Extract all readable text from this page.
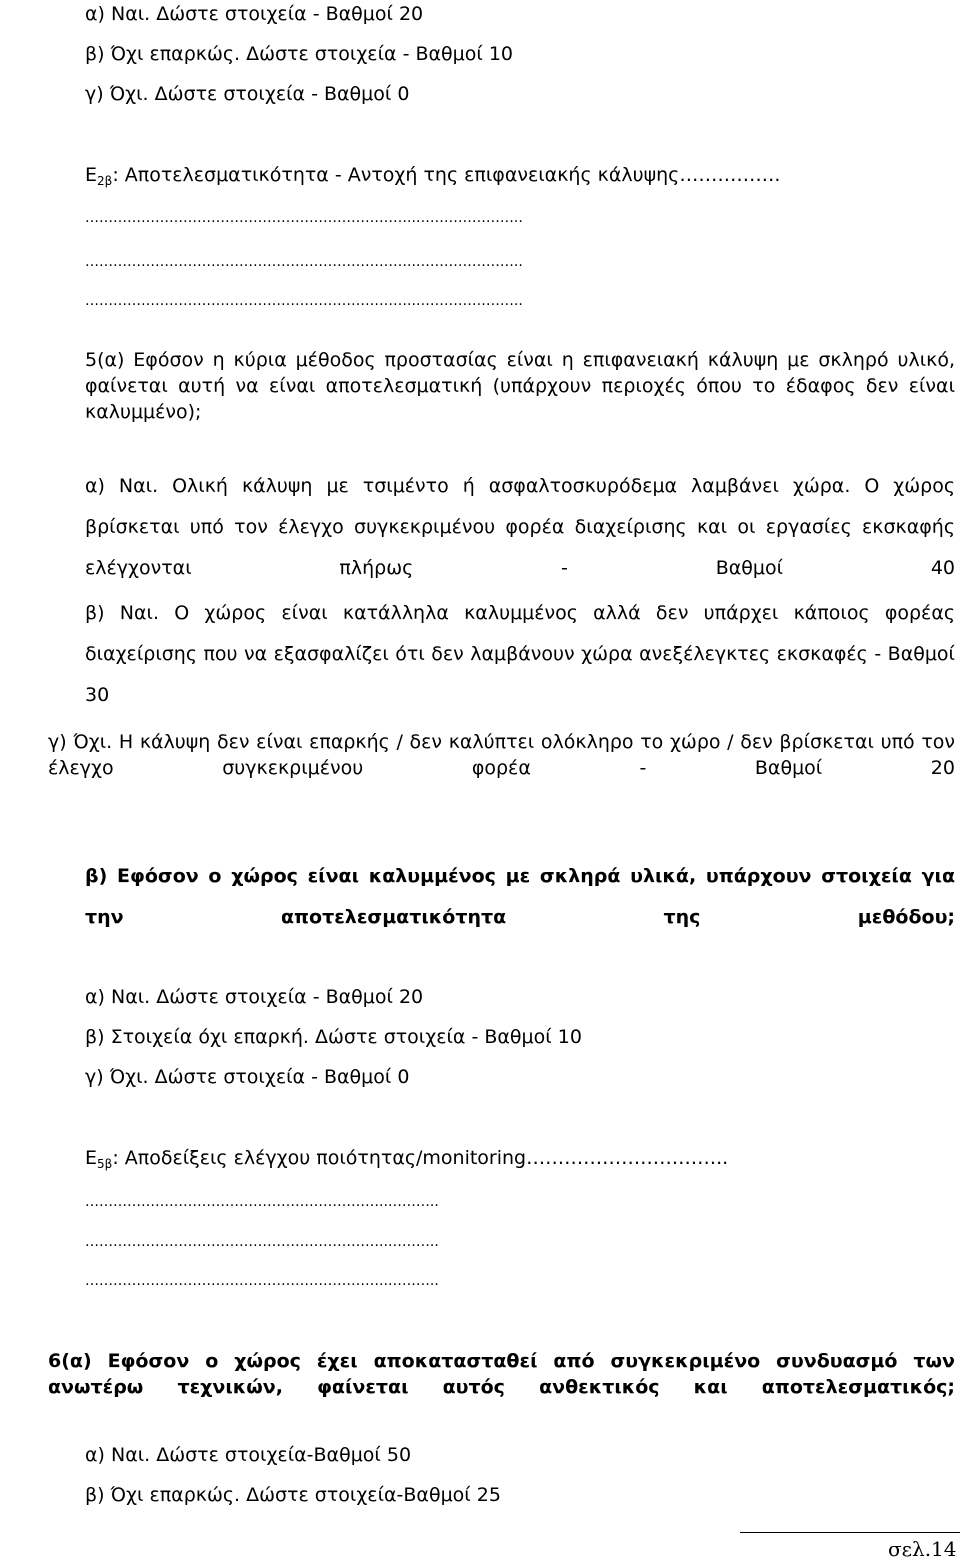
α) Ναι. Δώστε στοιχεία - Βαθμοί 20
β) Όχι επαρκώς. Δώστε στοιχεία - Βαθμοί 10
γ) Όχι. Δώστε στοιχεία - Βαθμοί 0
$E_{2\beta}$: Αποτελεσματικότητα - Αντοχή της επιφανειακής κάλυψης…………….
……………………………………………………………..…………………..
……………………………………………………………..…………………..
……………………………………………………………..…………………..
5(α) Εφόσον η κύρια μέθοδος προστασίας είναι η επιφανειακή κάλυψη με σκληρό υλικό, φαίνεται αυτή να είναι αποτελεσματική (υπάρχουν περιοχές όπου το έδαφος δεν είναι καλυμμένο);
α) Ναι. Ολική κάλυψη με τσιμέντο ή ασφαλτοσκυρόδεμα λαμβάνει χώρα. Ο χώρος βρίσκεται υπό τον έλεγχο συγκεκριμένου φορέα διαχείρισης και οι εργασίες εκσκαφής ελέγχονται πλήρως - Βαθμοί 40
β) Ναι. Ο χώρος είναι κατάλληλα καλυμμένος αλλά δεν υπάρχει κάποιος φορέας διαχείρισης που να εξασφαλίζει ότι δεν λαμβάνουν χώρα ανεξέλεγκτες εκσκαφές - Βαθμοί 30
γ) Όχι. Η κάλυψη δεν είναι επαρκής / δεν καλύπτει ολόκληρο το χώρο / δεν βρίσκεται υπό τον έλεγχο συγκεκριμένου φορέα - Βαθμοί 20
β) Εφόσον ο χώρος είναι καλυμμένος με σκληρά υλικά, υπάρχουν στοιχεία για την αποτελεσματικότητα της μεθόδου;
α) Ναι. Δώστε στοιχεία - Βαθμοί 20
β) Στοιχεία όχι επαρκή. Δώστε στοιχεία - Βαθμοί 10
γ) Όχι. Δώστε στοιχεία - Βαθμοί 0
$E_{5\beta}$: Αποδείξεις ελέγχου ποιότητας/monitoring…………………………..
………………………………………………………..………..
………………………………………………………..………..
………………………………………………………..………..
6(α) Εφόσον ο χώρος έχει αποκατασταθεί από συγκεκριμένο συνδυασμό των ανωτέρω τεχνικών, φαίνεται αυτός ανθεκτικός και αποτελεσματικός;
α) Ναι. Δώστε στοιχεία-Βαθμοί 50
β) Όχι επαρκώς. Δώστε στοιχεία-Βαθμοί 25
σελ.14
